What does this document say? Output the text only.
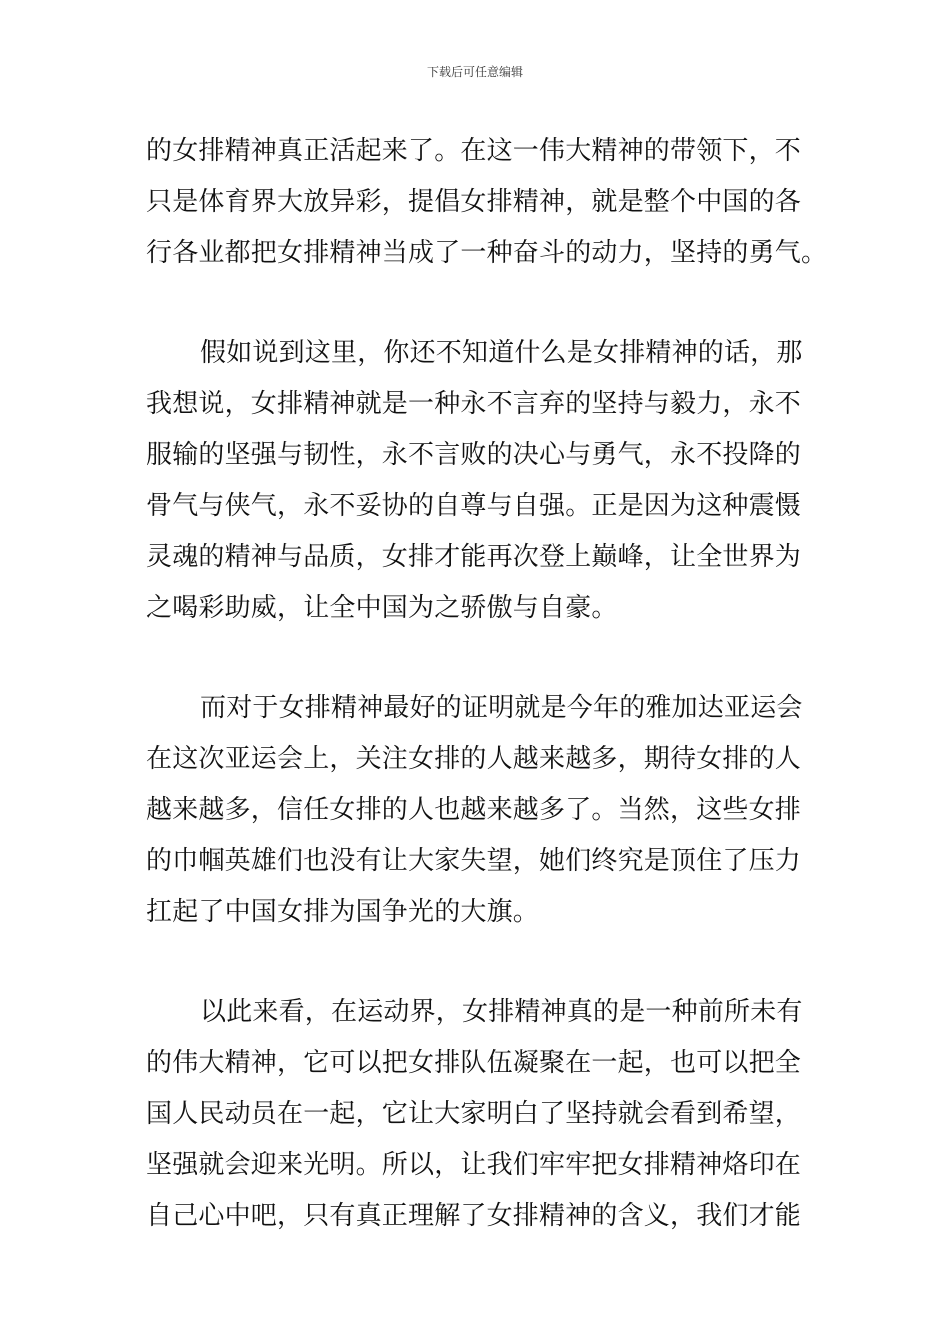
下载后可任意编辑

的女排精神真正活起来了。在这一伟大精神的带领下，不
只是体育界大放异彩，提倡女排精神，就是整个中国的各
行各业都把女排精神当成了一种奋斗的动力，坚持的勇气。

假如说到这里，你还不知道什么是女排精神的话，那
我想说，女排精神就是一种永不言弃的坚持与毅力，永不
服输的坚强与韧性，永不言败的决心与勇气，永不投降的
骨气与侠气，永不妥协的自尊与自强。正是因为这种震慑
灵魂的精神与品质，女排才能再次登上巅峰，让全世界为
之喝彩助威，让全中国为之骄傲与自豪。

而对于女排精神最好的证明就是今年的雅加达亚运会
在这次亚运会上，关注女排的人越来越多，期待女排的人
越来越多，信任女排的人也越来越多了。当然，这些女排
的巾帼英雄们也没有让大家失望，她们终究是顶住了压力
扛起了中国女排为国争光的大旗。

以此来看，在运动界，女排精神真的是一种前所未有
的伟大精神，它可以把女排队伍凝聚在一起，也可以把全
国人民动员在一起，它让大家明白了坚持就会看到希望，
坚强就会迎来光明。所以，让我们牢牢把女排精神烙印在
自己心中吧，只有真正理解了女排精神的含义，我们才能
